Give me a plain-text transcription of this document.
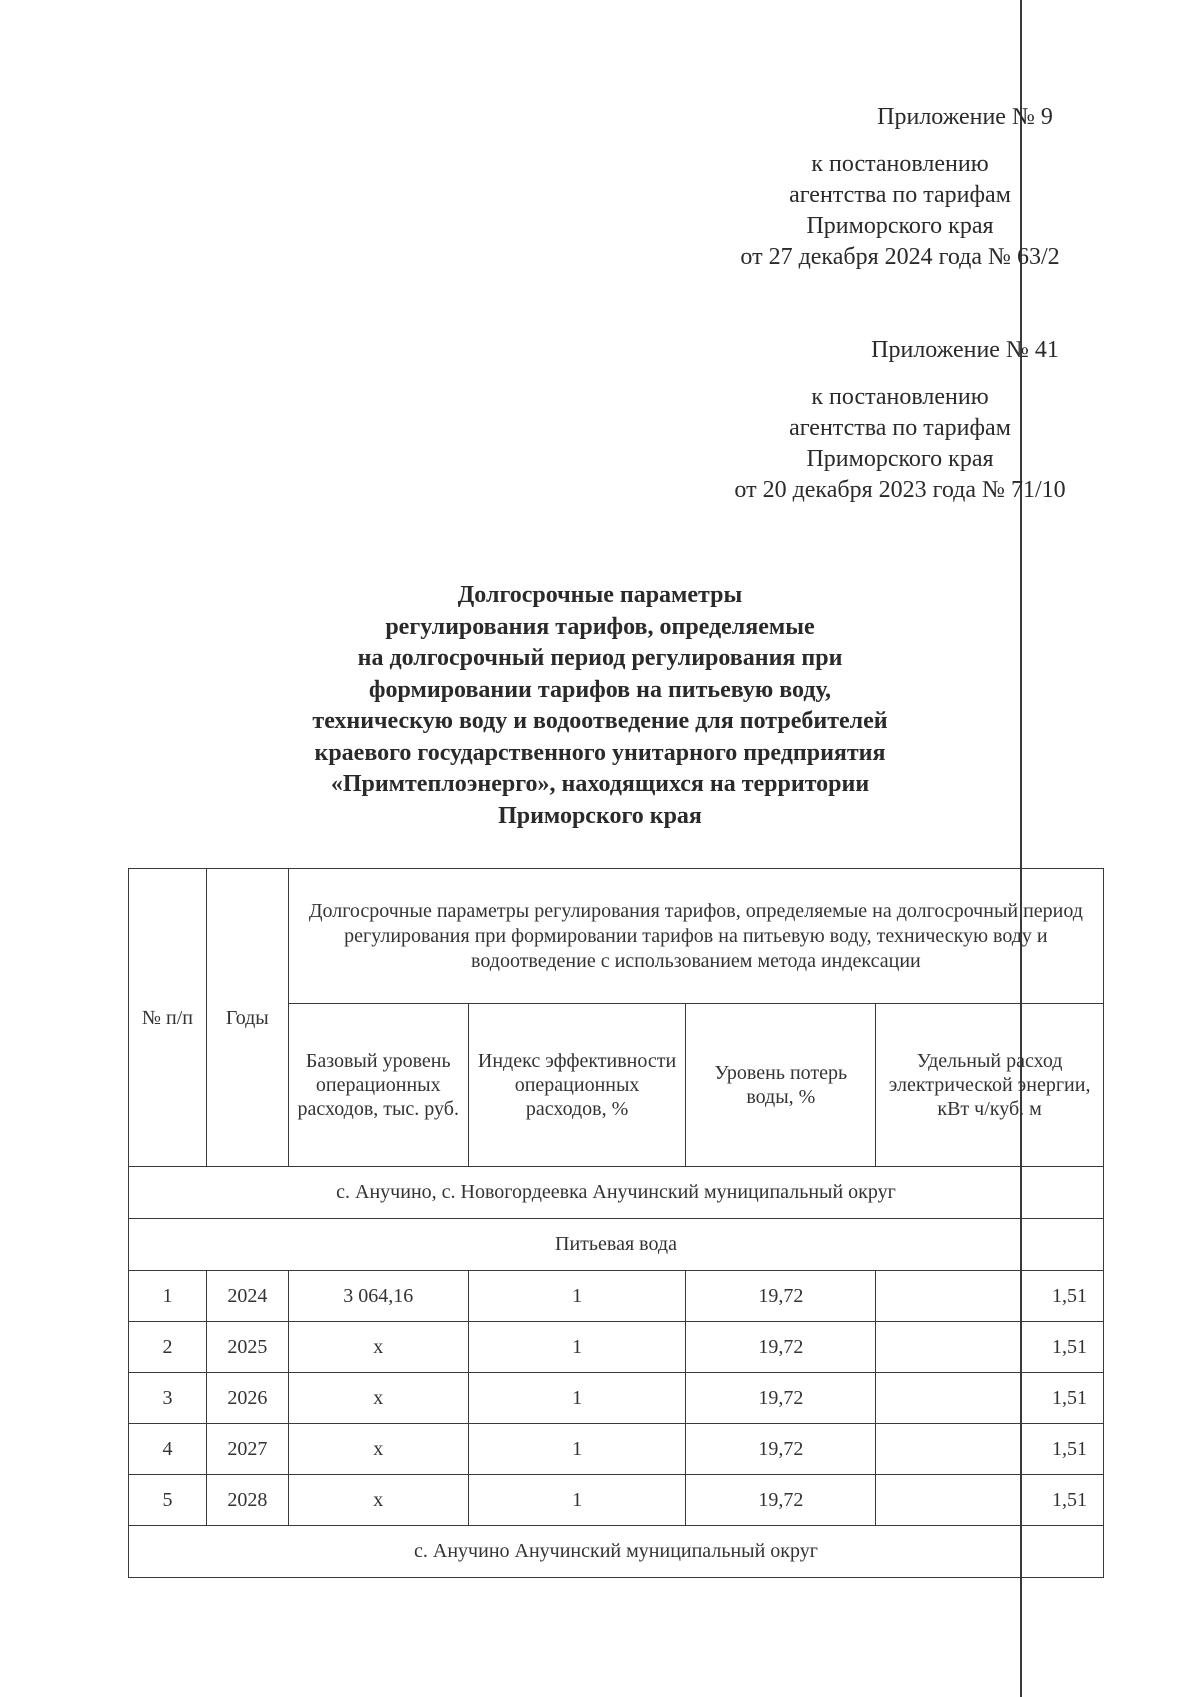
Приложение № 9
к постановлению
агентства по тарифам
Приморского края
от 27 декабря 2024 года № 63/2
Приложение № 41
к постановлению
агентства по тарифам
Приморского края
от 20 декабря 2023 года № 71/10
Долгосрочные параметры
регулирования тарифов, определяемые
на долгосрочный период регулирования при
формировании тарифов на питьевую воду,
техническую воду и водоотведение для потребителей
краевого государственного унитарного предприятия
«Примтеплоэнерго», находящихся на территории
Приморского края
№ п/п	Годы	Долгосрочные параметры регулирования тарифов, определяемые на долгосрочный период регулирования при формировании тарифов на питьевую воду, техническую воду и водоотведение с использованием метода индексации			
		Базовый уровень операционных расходов, тыс. руб.	Индекс эффективности операционных расходов, %	Уровень потерь воды, %	Удельный расход электрической энергии, кВт ч/куб. м
с. Анучино, с. Новогордеевка Анучинский муниципальный округ					
Питьевая вода					
1	2024	3 064,16	1	19,72	1,51
2	2025	х	1	19,72	1,51
3	2026	х	1	19,72	1,51
4	2027	х	1	19,72	1,51
5	2028	х	1	19,72	1,51
с. Анучино Анучинский муниципальный округ					
